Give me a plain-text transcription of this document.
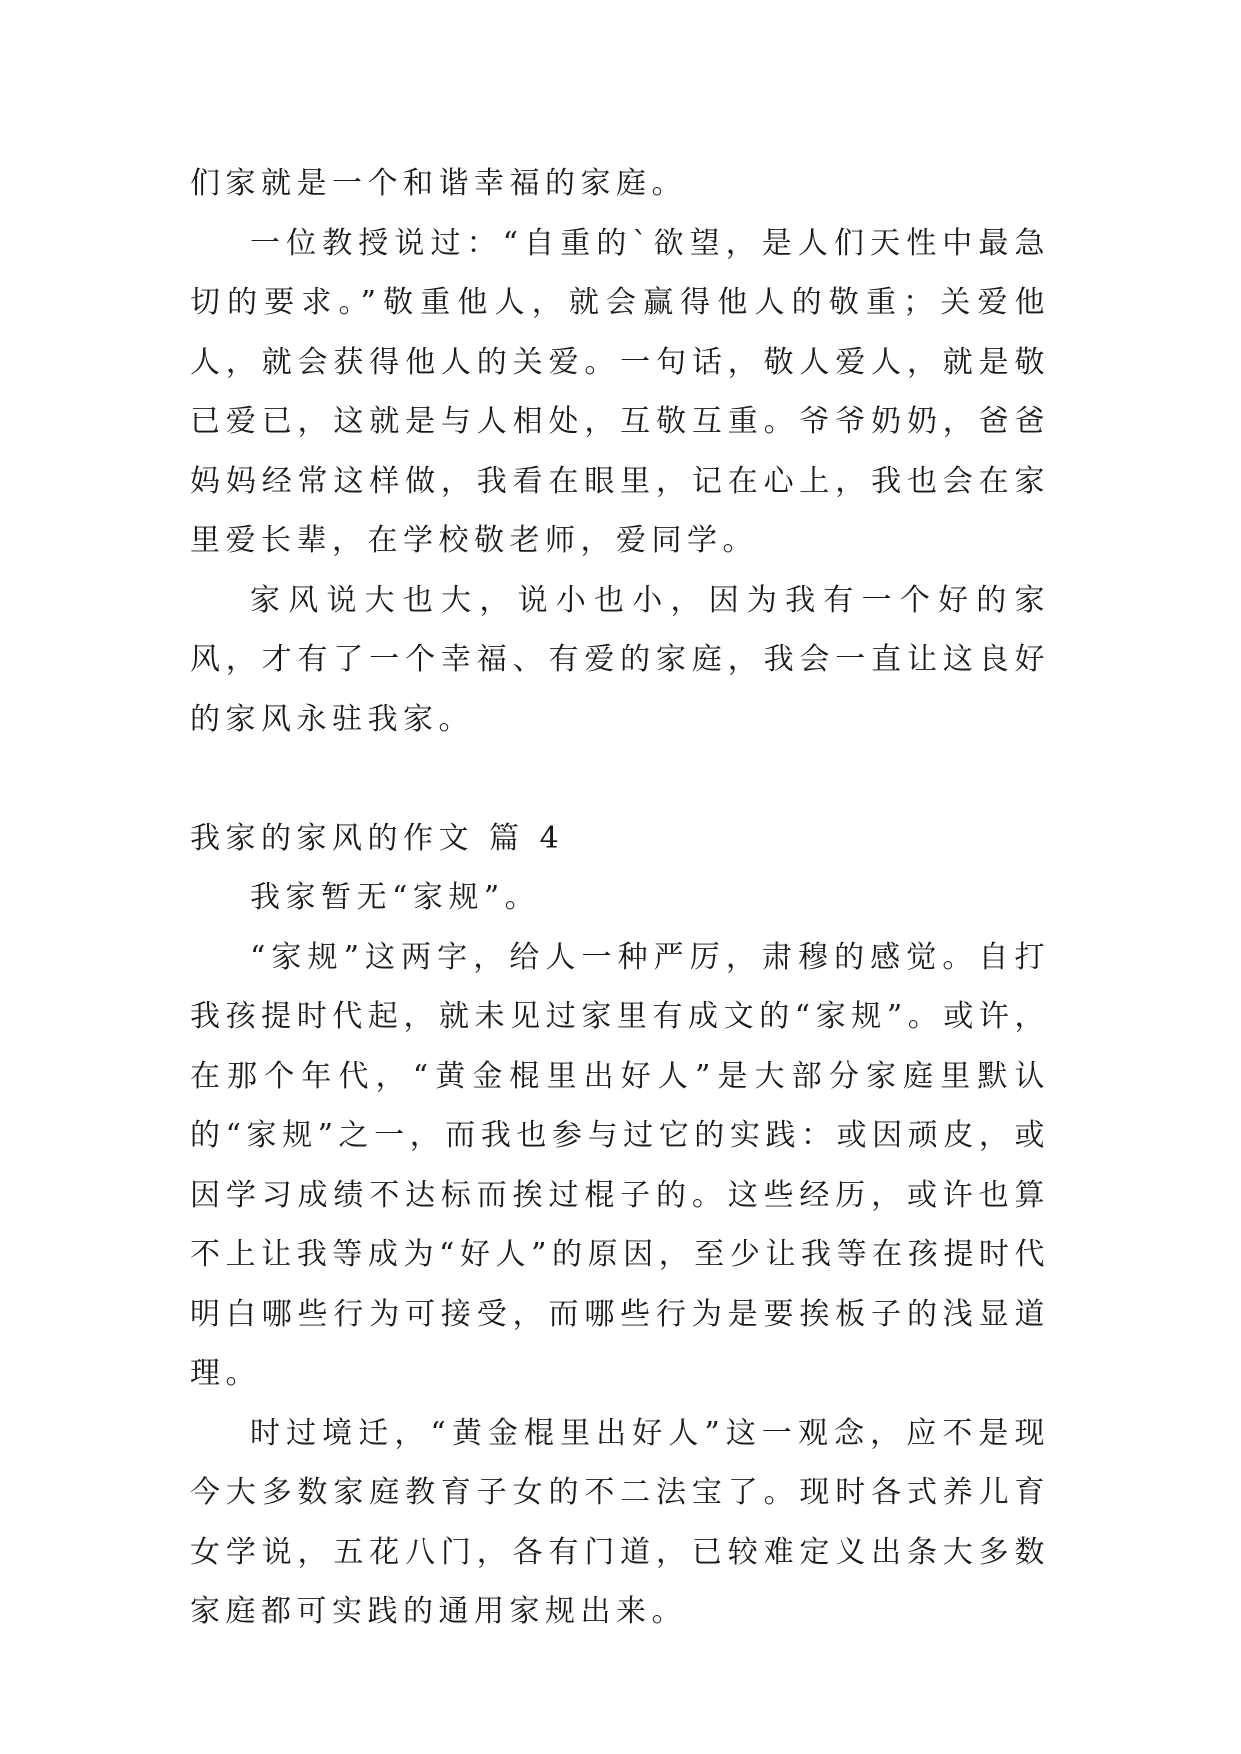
们家就是一个和谐幸福的家庭。

一位教授说过：“自重的`欲望，是人们天性中最急切的要求。”敬重他人，就会赢得他人的敬重；关爱他人，就会获得他人的关爱。一句话，敬人爱人，就是敬已爱已，这就是与人相处，互敬互重。爷爷奶奶，爸爸妈妈经常这样做，我看在眼里，记在心上，我也会在家里爱长辈，在学校敬老师，爱同学。

家风说大也大，说小也小，因为我有一个好的家风，才有了一个幸福、有爱的家庭，我会一直让这良好的家风永驻我家。

我家的家风的作文 篇 4

我家暂无“家规”。

“家规”这两字，给人一种严厉，肃穆的感觉。自打我孩提时代起，就未见过家里有成文的“家规”。或许，在那个年代，“黄金棍里出好人”是大部分家庭里默认的“家规”之一，而我也参与过它的实践：或因顽皮，或因学习成绩不达标而挨过棍子的。这些经历，或许也算不上让我等成为“好人”的原因，至少让我等在孩提时代明白哪些行为可接受，而哪些行为是要挨板子的浅显道理。

时过境迁，“黄金棍里出好人”这一观念，应不是现今大多数家庭教育子女的不二法宝了。现时各式养儿育女学说，五花八门，各有门道，已较难定义出条大多数家庭都可实践的通用家规出来。
